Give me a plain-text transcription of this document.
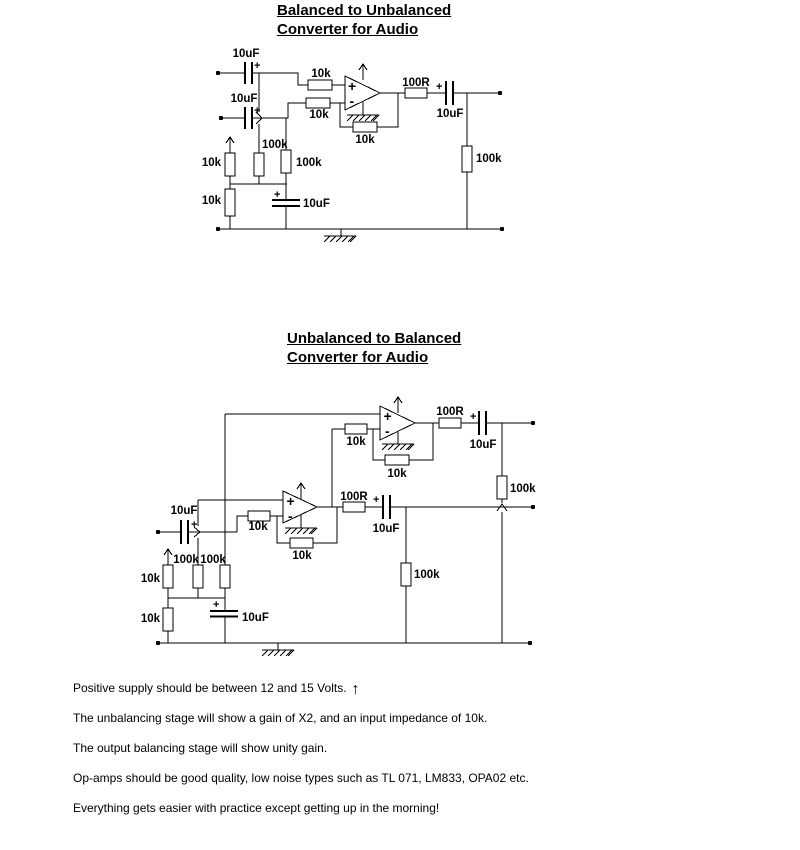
Balanced to Unbalanced
Converter for Audio
Unbalanced to Balanced
Converter for Audio
+
-
10uF
+
10uF
+
10k
10k
100k
100k
10k
100R +
10uF
100k
10k
10k	+
10uF
+
-
+
-
10uF
+
10k
10k
100R +
10uF
100k
10k
10k
100R +
10uF
100k
100k 100k
10k
10k
+
10uF
Positive supply should be between 12 and 15 Volts. ↑
The unbalancing stage will show a gain of X2, and an input impedance of 10k.
The output balancing stage will show unity gain.
Op-amps should be good quality, low noise types such as TL 071, LM833, OPA02 etc.
Everything gets easier with practice except getting up in the morning!
